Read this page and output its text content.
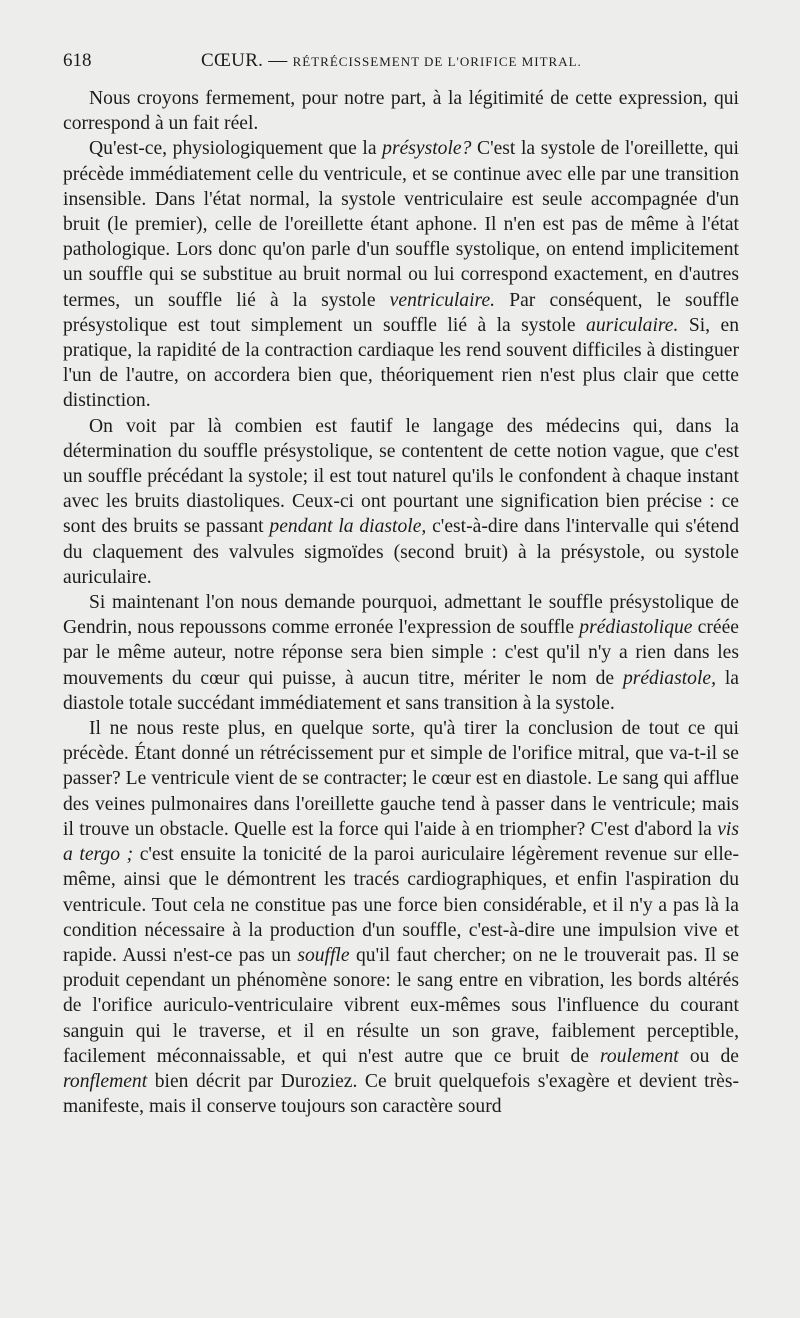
618	CŒUR. — RÉTRÉCISSEMENT DE L'ORIFICE MITRAL.

Nous croyons fermement, pour notre part, à la légitimité de cette expression, qui correspond à un fait réel.

Qu'est-ce, physiologiquement que la présystole? C'est la systole de l'oreillette, qui précède immédiatement celle du ventricule, et se continue avec elle par une transition insensible. Dans l'état normal, la systole ventriculaire est seule accompagnée d'un bruit (le premier), celle de l'oreillette étant aphone. Il n'en est pas de même à l'état pathologique. Lors donc qu'on parle d'un souffle systolique, on entend implicitement un souffle qui se substitue au bruit normal ou lui correspond exactement, en d'autres termes, un souffle lié à la systole ventriculaire. Par conséquent, le souffle présystolique est tout simplement un souffle lié à la systole auriculaire. Si, en pratique, la rapidité de la contraction cardiaque les rend souvent difficiles à distinguer l'un de l'autre, on accordera bien que, théoriquement rien n'est plus clair que cette distinction.

On voit par là combien est fautif le langage des médecins qui, dans la détermination du souffle présystolique, se contentent de cette notion vague, que c'est un souffle précédant la systole; il est tout naturel qu'ils le confondent à chaque instant avec les bruits diastoliques. Ceux-ci ont pourtant une signification bien précise : ce sont des bruits se passant pendant la diastole, c'est-à-dire dans l'intervalle qui s'étend du claquement des valvules sigmoïdes (second bruit) à la présystole, ou systole auriculaire.

Si maintenant l'on nous demande pourquoi, admettant le souffle présystolique de Gendrin, nous repoussons comme erronée l'expression de souffle prédiastolique créée par le même auteur, notre réponse sera bien simple : c'est qu'il n'y a rien dans les mouvements du cœur qui puisse, à aucun titre, mériter le nom de prédiastole, la diastole totale succédant immédiatement et sans transition à la systole.

Il ne nous reste plus, en quelque sorte, qu'à tirer la conclusion de tout ce qui précède. Étant donné un rétrécissement pur et simple de l'orifice mitral, que va-t-il se passer? Le ventricule vient de se contracter; le cœur est en diastole. Le sang qui afflue des veines pulmonaires dans l'oreillette gauche tend à passer dans le ventricule; mais il trouve un obstacle. Quelle est la force qui l'aide à en triompher? C'est d'abord la vis a tergo ; c'est ensuite la tonicité de la paroi auriculaire légèrement revenue sur elle-même, ainsi que le démontrent les tracés cardiographiques, et enfin l'aspiration du ventricule. Tout cela ne constitue pas une force bien considérable, et il n'y a pas là la condition nécessaire à la production d'un souffle, c'est-à-dire une impulsion vive et rapide. Aussi n'est-ce pas un souffle qu'il faut chercher; on ne le trouverait pas. Il se produit cependant un phénomène sonore: le sang entre en vibration, les bords altérés de l'orifice auriculo-ventriculaire vibrent eux-mêmes sous l'influence du courant sanguin qui le traverse, et il en résulte un son grave, faiblement perceptible, facilement méconnaissable, et qui n'est autre que ce bruit de roulement ou de ronflement bien décrit par Duroziez. Ce bruit quelquefois s'exagère et devient très-manifeste, mais il conserve toujours son caractère sourd
